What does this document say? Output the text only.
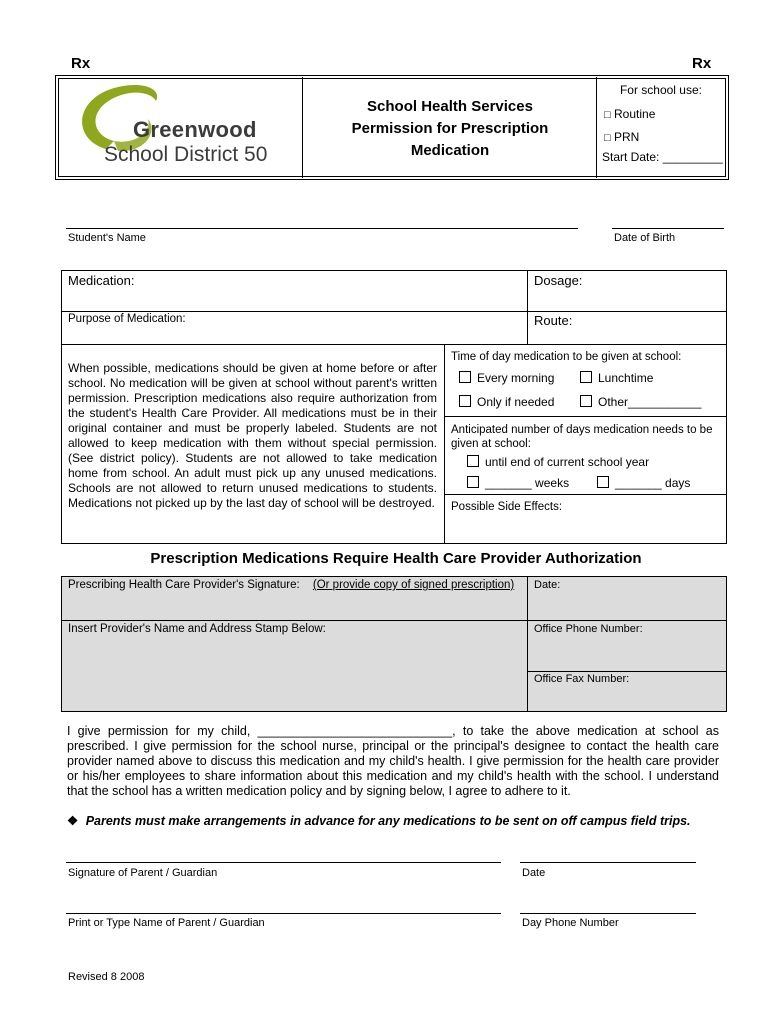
Rx	Rx
Greenwood
School District 50
School Health Services
Permission for Prescription
Medication
For school use:
□ Routine
□ PRN
Start Date: _________
Student's Name	Date of Birth
Medication:	Dosage:
Purpose of Medication:	Route:
When possible, medications should be given at home before or after school. No medication will be given at school without parent's written permission. Prescription medications also require authorization from the student's Health Care Provider. All medications must be in their original container and must be properly labeled. Students are not allowed to keep medication with them without special permission. (See district policy). Students are not allowed to take medication home from school. An adult must pick up any unused medications. Schools are not allowed to return unused medications to students. Medications not picked up by the last day of school will be destroyed.
Time of day medication to be given at school:
Every morning	Lunchtime
Only if needed	Other___________
Anticipated number of days medication needs to be given at school:
until end of current school year
_______ weeks	_______ days
Possible Side Effects:
Prescription Medications Require Health Care Provider Authorization
Prescribing Health Care Provider's Signature: (Or provide copy of signed prescription) Date:
Insert Provider's Name and Address Stamp Below:	Office Phone Number:
Office Fax Number:
I give permission for my child, ____________________________, to take the above medication at school as prescribed. I give permission for the school nurse, principal or the principal's designee to contact the health care provider named above to discuss this medication and my child's health. I give permission for the health care provider or his/her employees to share information about this medication and my child's health with the school. I understand that the school has a written medication policy and by signing below, I agree to adhere to it.
❖ Parents must make arrangements in advance for any medications to be sent on off campus field trips.
Signature of Parent / Guardian	Date
Print or Type Name of Parent / Guardian	Day Phone Number
Revised 8 2008
